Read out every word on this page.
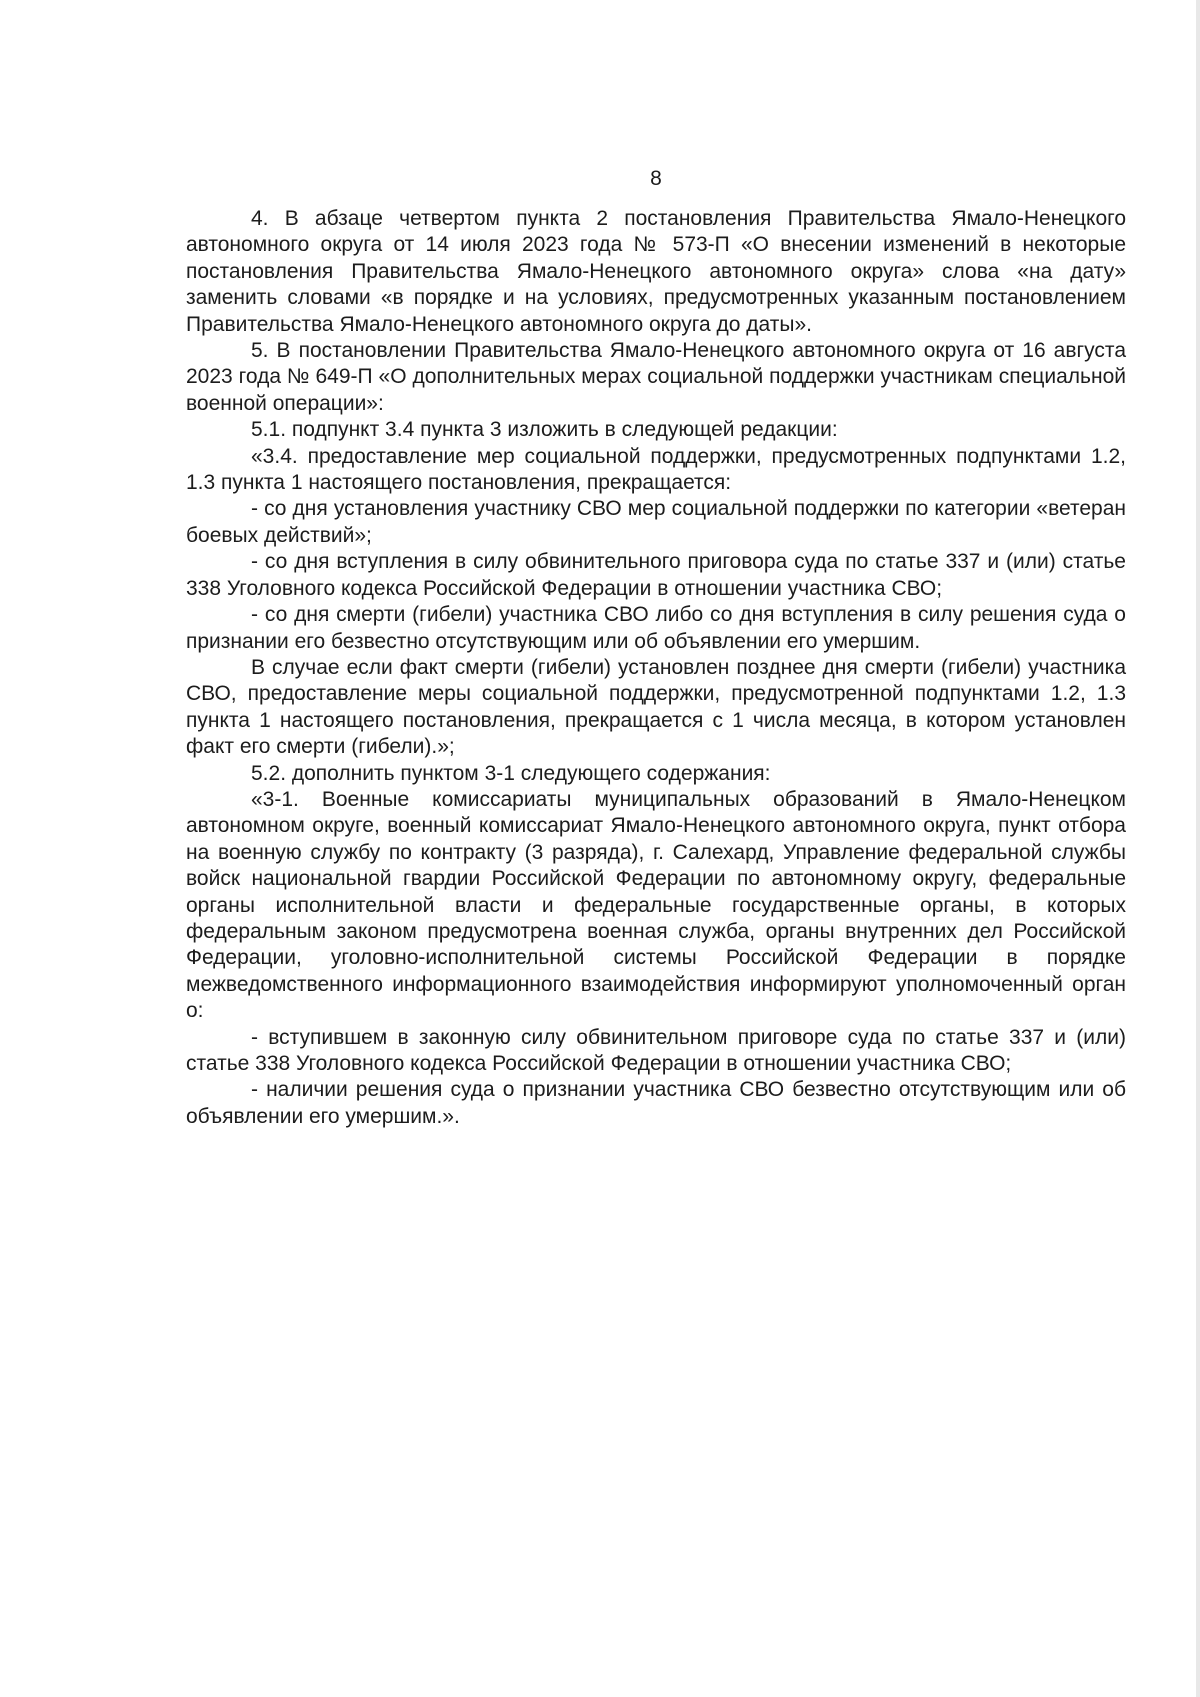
8

4. В абзаце четвертом пункта 2 постановления Правительства Ямало-Ненецкого автономного округа от 14 июля 2023 года № 573-П «О внесении изменений в некоторые постановления Правительства Ямало-Ненецкого автономного округа» слова «на дату» заменить словами «в порядке и на условиях, предусмотренных указанным постановлением Правительства Ямало-Ненецкого автономного округа до даты».

5. В постановлении Правительства Ямало-Ненецкого автономного округа от 16 августа 2023 года № 649-П «О дополнительных мерах социальной поддержки участникам специальной военной операции»:

5.1. подпункт 3.4 пункта 3 изложить в следующей редакции:

«3.4. предоставление мер социальной поддержки, предусмотренных подпунктами 1.2, 1.3 пункта 1 настоящего постановления, прекращается:

- со дня установления участнику СВО мер социальной поддержки по категории «ветеран боевых действий»;

- со дня вступления в силу обвинительного приговора суда по статье 337 и (или) статье 338 Уголовного кодекса Российской Федерации в отношении участника СВО;

- со дня смерти (гибели) участника СВО либо со дня вступления в силу решения суда о признании его безвестно отсутствующим или об объявлении его умершим.

В случае если факт смерти (гибели) установлен позднее дня смерти (гибели) участника СВО, предоставление меры социальной поддержки, предусмотренной подпунктами 1.2, 1.3 пункта 1 настоящего постановления, прекращается с 1 числа месяца, в котором установлен факт его смерти (гибели).»;

5.2. дополнить пунктом 3-1 следующего содержания:

«3-1. Военные комиссариаты муниципальных образований в Ямало-Ненецком автономном округе, военный комиссариат Ямало-Ненецкого автономного округа, пункт отбора на военную службу по контракту (3 разряда), г. Салехард, Управление федеральной службы войск национальной гвардии Российской Федерации по автономному округу, федеральные органы исполнительной власти и федеральные государственные органы, в которых федеральным законом предусмотрена военная служба, органы внутренних дел Российской Федерации, уголовно-исполнительной системы Российской Федерации в порядке межведомственного информационного взаимодействия информируют уполномоченный орган о:

- вступившем в законную силу обвинительном приговоре суда по статье 337 и (или) статье 338 Уголовного кодекса Российской Федерации в отношении участника СВО;

- наличии решения суда о признании участника СВО безвестно отсутствующим или об объявлении его умершим.».
